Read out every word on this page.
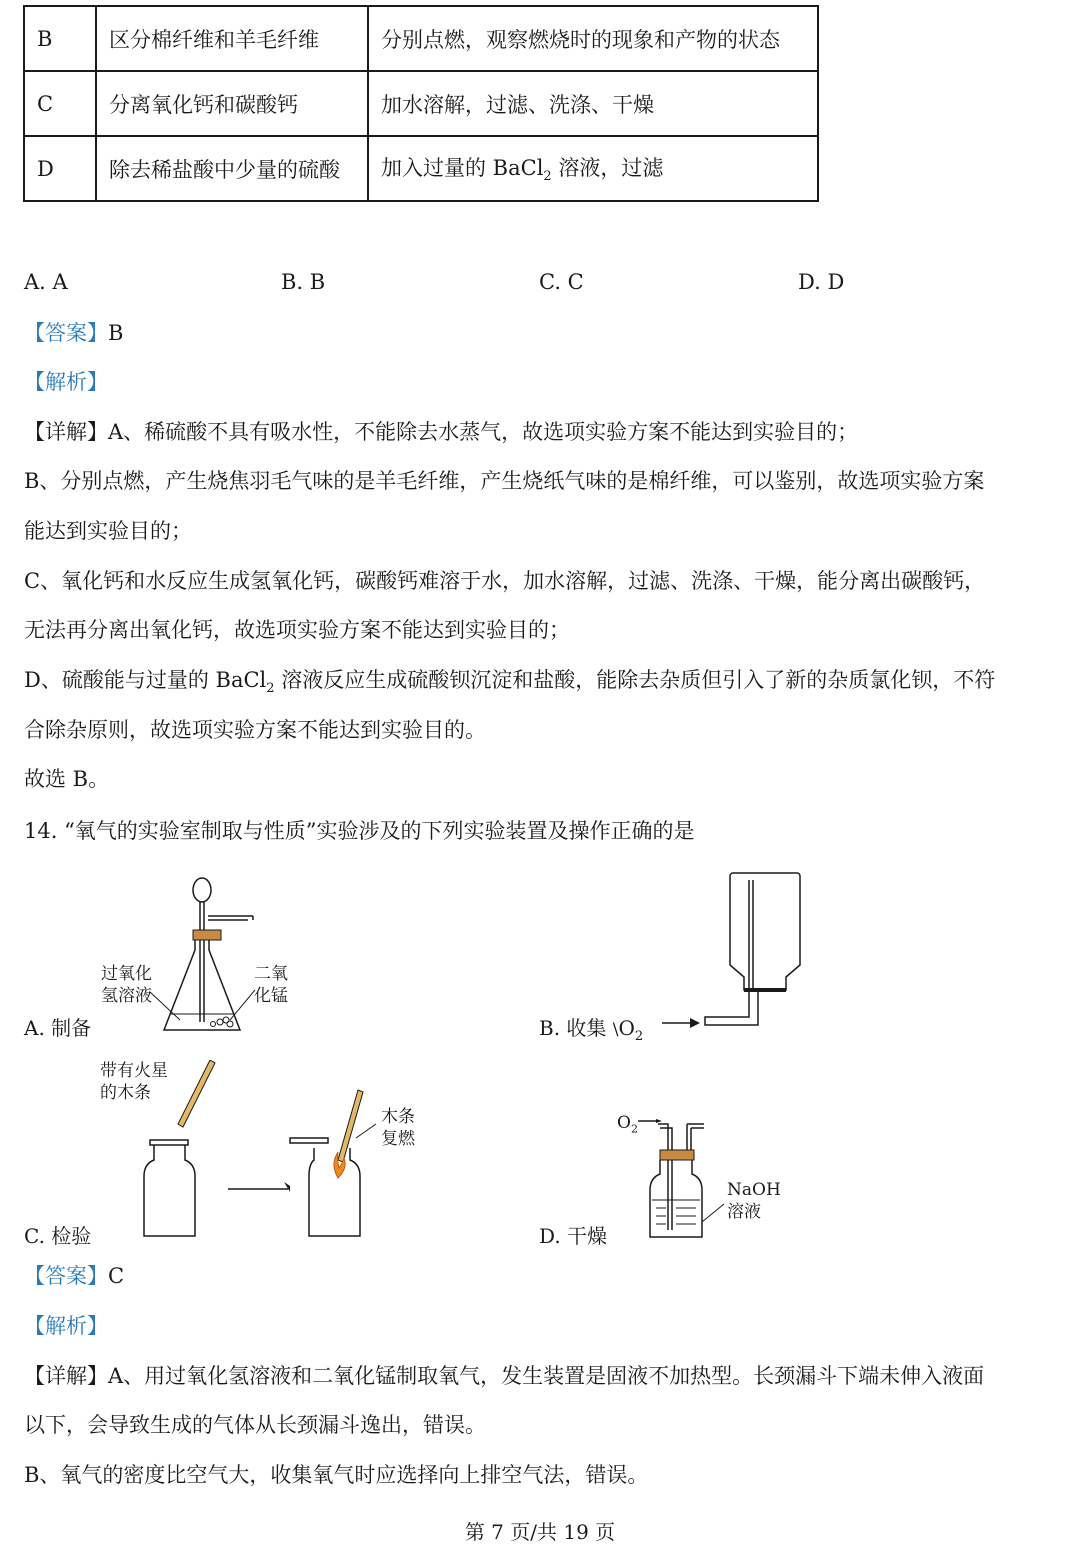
B	区分棉纤维和羊毛纤维	分别点燃，观察燃烧时的现象和产物的状态
C	分离氧化钙和碳酸钙	加水溶解，过滤、洗涤、干燥
D	除去稀盐酸中少量的硫酸	加入过量的 BaCl$_2$ 溶液，过滤
A. A	B. B	C. C	D. D
【答案】B
【解析】
【详解】A、稀硫酸不具有吸水性，不能除去水蒸气，故选项实验方案不能达到实验目的；
B、分别点燃，产生烧焦羽毛气味的是羊毛纤维，产生烧纸气味的是棉纤维，可以鉴别，故选项实验方案
能达到实验目的；
C、氧化钙和水反应生成氢氧化钙，碳酸钙难溶于水，加水溶解，过滤、洗涤、干燥，能分离出碳酸钙，
无法再分离出氧化钙，故选项实验方案不能达到实验目的；
D、硫酸能与过量的 BaCl$_2$ 溶液反应生成硫酸钡沉淀和盐酸，能除去杂质但引入了新的杂质氯化钡，不符
合除杂原则，故选项实验方案不能达到实验目的。
故选 B。
14. “氧气的实验室制取与性质”实验涉及的下列实验装置及操作正确的是
过氧化
氢溶液
二氧
化锰
A. 制备	B. 收集 $\backslash O_2$
带有火星
的木条
木条
复燃
C. 检验
$O_2$
NaOH
溶液
D. 干燥
【答案】C
【解析】
【详解】A、用过氧化氢溶液和二氧化锰制取氧气，发生装置是固液不加热型。长颈漏斗下端未伸入液面
以下，会导致生成的气体从长颈漏斗逸出，错误。
B、氧气的密度比空气大，收集氧气时应选择向上排空气法，错误。
第 7 页/共 19 页
